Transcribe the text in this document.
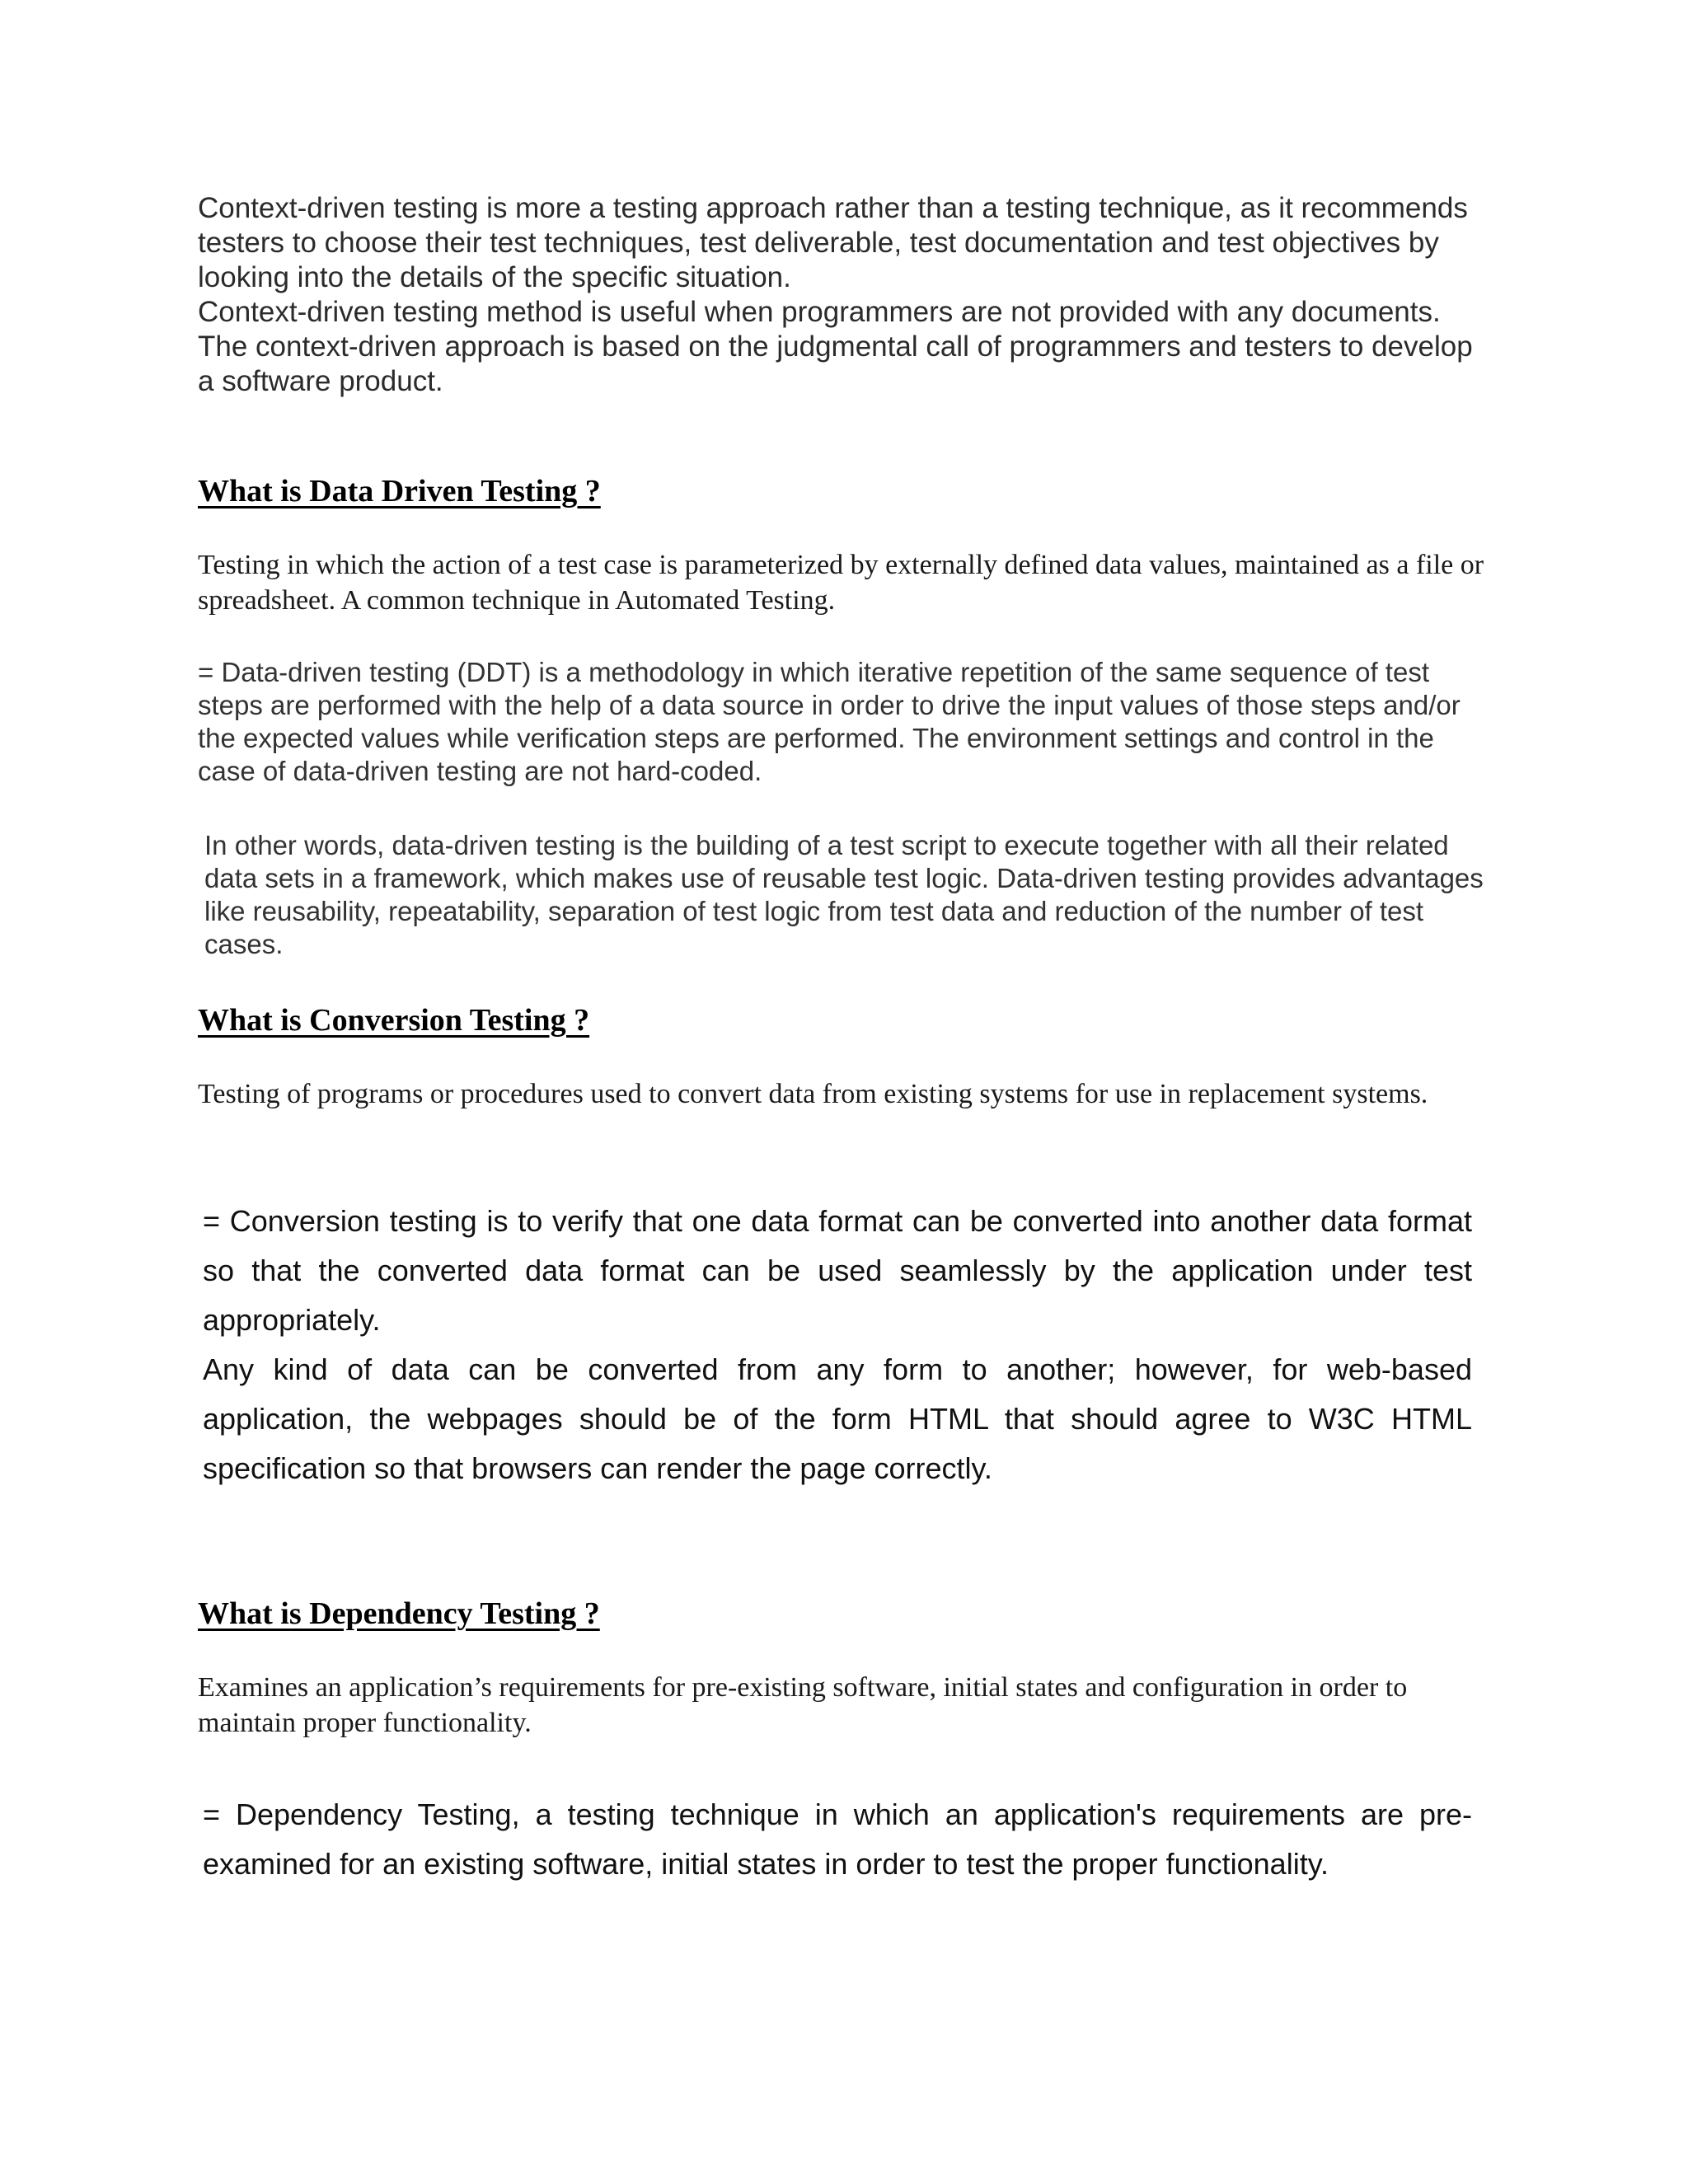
Context-driven testing is more a testing approach rather than a testing technique, as it recommends testers to choose their test techniques, test deliverable, test documentation and test objectives by looking into the details of the specific situation.
Context-driven testing method is useful when programmers are not provided with any documents.
The context-driven approach is based on the judgmental call of programmers and testers to develop a software product.

What is Data Driven Testing ?

Testing in which the action of a test case is parameterized by externally defined data values, maintained as a file or spreadsheet. A common technique in Automated Testing.

= Data-driven testing (DDT) is a methodology in which iterative repetition of the same sequence of test steps are performed with the help of a data source in order to drive the input values of those steps and/or the expected values while verification steps are performed. The environment settings and control in the case of data-driven testing are not hard-coded.

In other words, data-driven testing is the building of a test script to execute together with all their related data sets in a framework, which makes use of reusable test logic. Data-driven testing provides advantages like reusability, repeatability, separation of test logic from test data and reduction of the number of test cases.

What is Conversion Testing ?

Testing of programs or procedures used to convert data from existing systems for use in replacement systems.

= Conversion testing is to verify that one data format can be converted into another data format so that the converted data format can be used seamlessly by the application under test appropriately.
Any kind of data can be converted from any form to another; however, for web-based application, the webpages should be of the form HTML that should agree to W3C HTML specification so that browsers can render the page correctly.

What is Dependency Testing ?

Examines an application’s requirements for pre-existing software, initial states and configuration in order to maintain proper functionality.

= Dependency Testing, a testing technique in which an application's requirements are pre-examined for an existing software, initial states in order to test the proper functionality.
